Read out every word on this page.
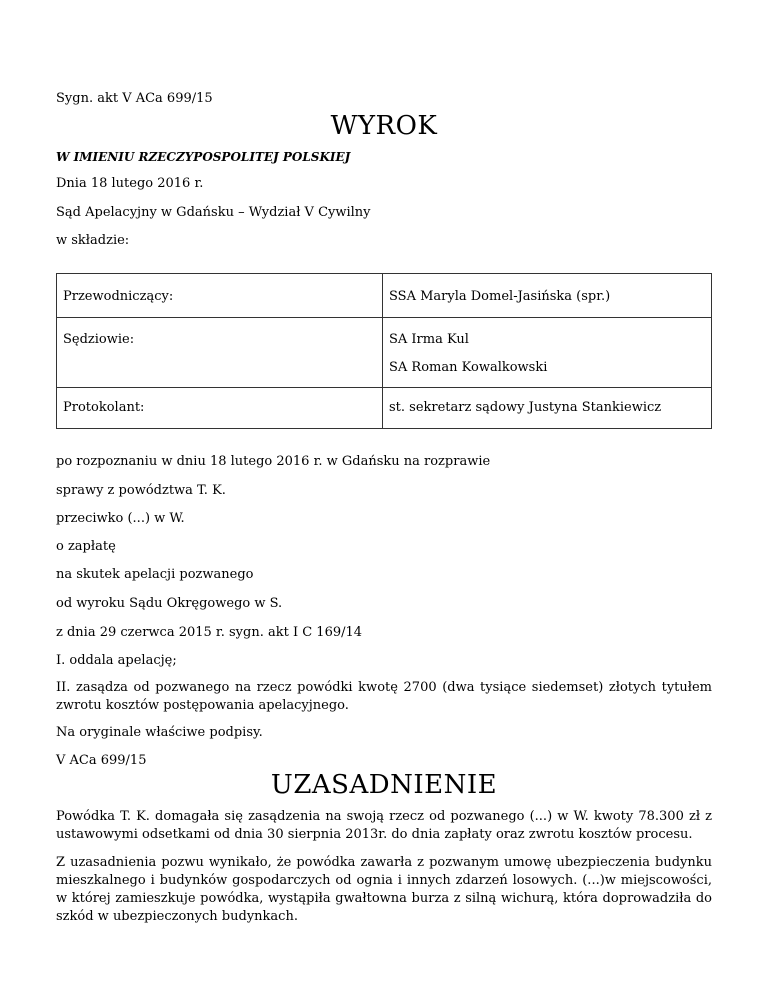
Sygn. akt V ACa 699/15
WYROK
W IMIENIU RZECZYPOSPOLITEJ POLSKIEJ
Dnia 18 lutego 2016 r.
Sąd Apelacyjny w Gdańsku – Wydział V Cywilny
w składzie:
Przewodniczący:	SSA Maryla Domel-Jasińska (spr.)
Sędziowie:	SA Irma Kul
SA Roman Kowalkowski
Protokolant:	st. sekretarz sądowy Justyna Stankiewicz
po rozpoznaniu w dniu 18 lutego 2016 r. w Gdańsku na rozprawie
sprawy z powództwa T. K.
przeciwko (...) w W.
o zapłatę
na skutek apelacji pozwanego
od wyroku Sądu Okręgowego w S.
z dnia 29 czerwca 2015 r. sygn. akt I C 169/14
I. oddala apelację;
II. zasądza od pozwanego na rzecz powódki kwotę 2700 (dwa tysiące siedemset) złotych tytułem zwrotu kosztów postępowania apelacyjnego.
Na oryginale właściwe podpisy.
V ACa 699/15
UZASADNIENIE
Powódka T. K. domagała się zasądzenia na swoją rzecz od pozwanego (...) w W. kwoty 78.300 zł z ustawowymi odsetkami od dnia 30 sierpnia 2013r. do dnia zapłaty oraz zwrotu kosztów procesu.
Z uzasadnienia pozwu wynikało, że powódka zawarła z pozwanym umowę ubezpieczenia budynku mieszkalnego i budynków gospodarczych od ognia i innych zdarzeń losowych. (...)w miejscowości, w której zamieszkuje powódka, wystąpiła gwałtowna burza z silną wichurą, która doprowadziła do szkód w ubezpieczonych budynkach.
